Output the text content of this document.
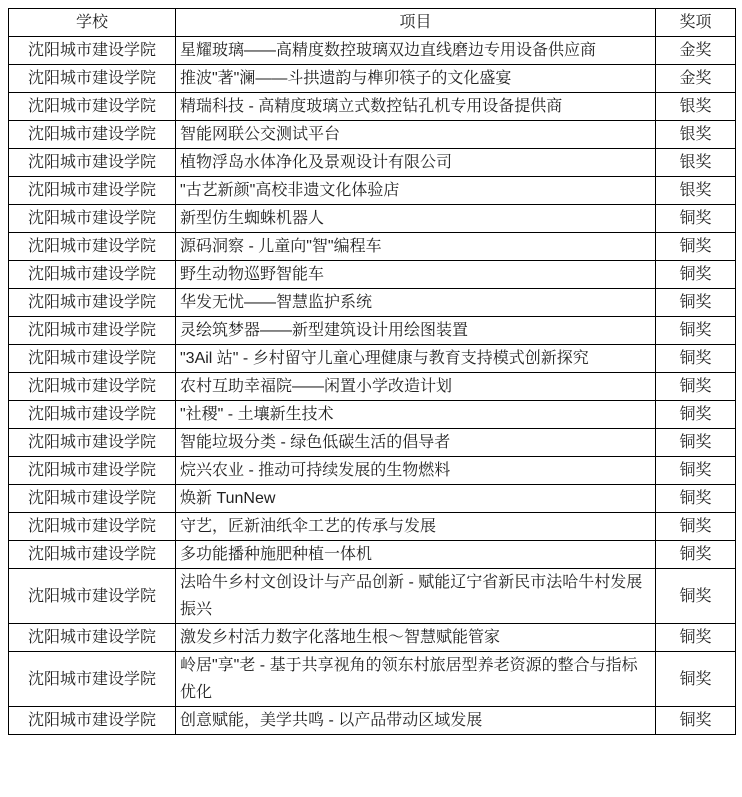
学校	项目	奖项
沈阳城市建设学院	星耀玻璃——高精度数控玻璃双边直线磨边专用设备供应商	金奖
沈阳城市建设学院	推波"著"澜——斗拱遗韵与榫卯筷子的文化盛宴	金奖
沈阳城市建设学院	精瑞科技 - 高精度玻璃立式数控钻孔机专用设备提供商	银奖
沈阳城市建设学院	智能网联公交测试平台	银奖
沈阳城市建设学院	植物浮岛水体净化及景观设计有限公司	银奖
沈阳城市建设学院	"古艺新颜"高校非遗文化体验店	银奖
沈阳城市建设学院	新型仿生蜘蛛机器人	铜奖
沈阳城市建设学院	源码洞察 - 儿童向"智"编程车	铜奖
沈阳城市建设学院	野生动物巡野智能车	铜奖
沈阳城市建设学院	华发无忧——智慧监护系统	铜奖
沈阳城市建设学院	灵绘筑梦器——新型建筑设计用绘图装置	铜奖
沈阳城市建设学院	"3Ail 站" - 乡村留守儿童心理健康与教育支持模式创新探究	铜奖
沈阳城市建设学院	农村互助幸福院——闲置小学改造计划	铜奖
沈阳城市建设学院	"社稷" - 土壤新生技术	铜奖
沈阳城市建设学院	智能垃圾分类 - 绿色低碳生活的倡导者	铜奖
沈阳城市建设学院	烷兴农业 - 推动可持续发展的生物燃料	铜奖
沈阳城市建设学院	焕新 TunNew	铜奖
沈阳城市建设学院	守艺，匠新油纸伞工艺的传承与发展	铜奖
沈阳城市建设学院	多功能播种施肥种植一体机	铜奖
沈阳城市建设学院	法哈牛乡村文创设计与产品创新 - 赋能辽宁省新民市法哈牛村发展振兴	铜奖
沈阳城市建设学院	激发乡村活力数字化落地生根～智慧赋能管家	铜奖
沈阳城市建设学院	岭居"享"老 - 基于共享视角的领东村旅居型养老资源的整合与指标优化	铜奖
沈阳城市建设学院	创意赋能，美学共鸣 - 以产品带动区域发展	铜奖
